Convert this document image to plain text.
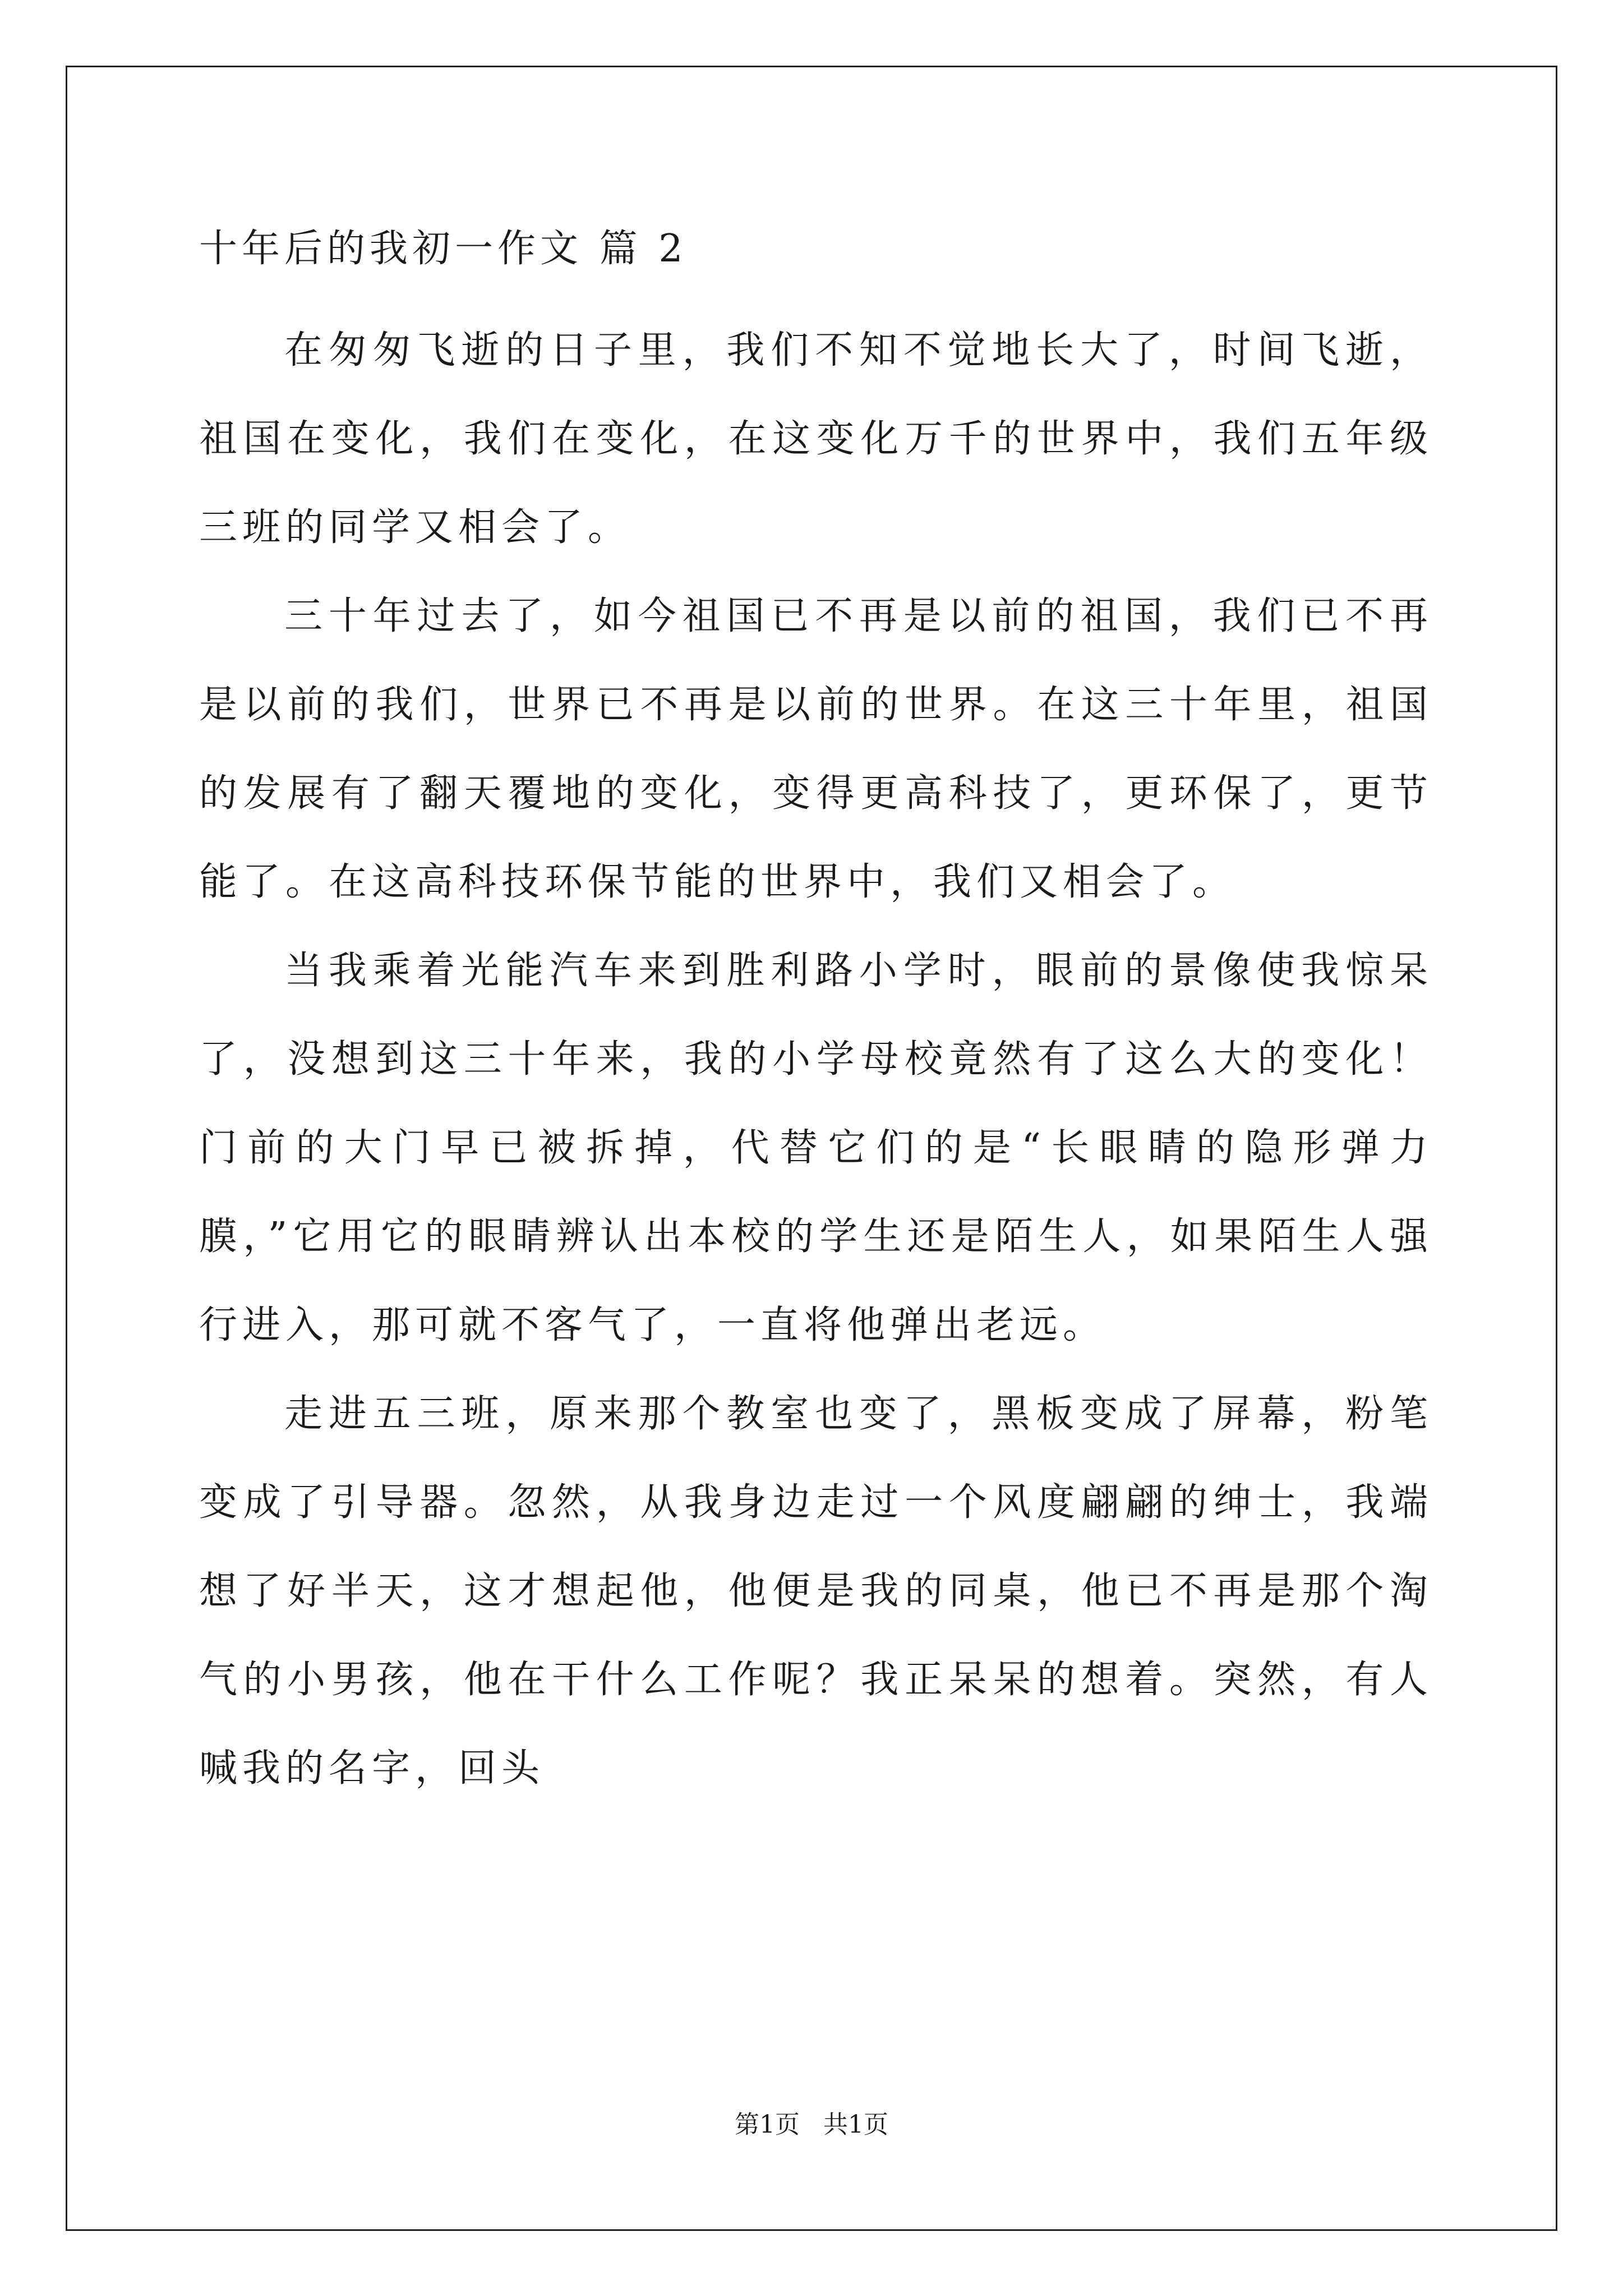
十年后的我初一作文 篇 2

在匆匆飞逝的日子里，我们不知不觉地长大了，时间飞逝，祖国在变化，我们在变化，在这变化万千的世界中，我们五年级三班的同学又相会了。

三十年过去了，如今祖国已不再是以前的祖国，我们已不再是以前的我们，世界已不再是以前的世界。在这三十年里，祖国的发展有了翻天覆地的变化，变得更高科技了，更环保了，更节能了。在这高科技环保节能的世界中，我们又相会了。

当我乘着光能汽车来到胜利路小学时，眼前的景像使我惊呆了，没想到这三十年来，我的小学母校竟然有了这么大的变化！门前的大门早已被拆掉，代替它们的是“长眼睛的隐形弹力膜，”它用它的眼睛辨认出本校的学生还是陌生人，如果陌生人强行进入，那可就不客气了，一直将他弹出老远。

走进五三班，原来那个教室也变了，黑板变成了屏幕，粉笔变成了引导器。忽然，从我身边走过一个风度翩翩的绅士，我端想了好半天，这才想起他，他便是我的同桌，他已不再是那个淘气的小男孩，他在干什么工作呢？我正呆呆的想着。突然，有人喊我的名字，回头

第1页   共1页
